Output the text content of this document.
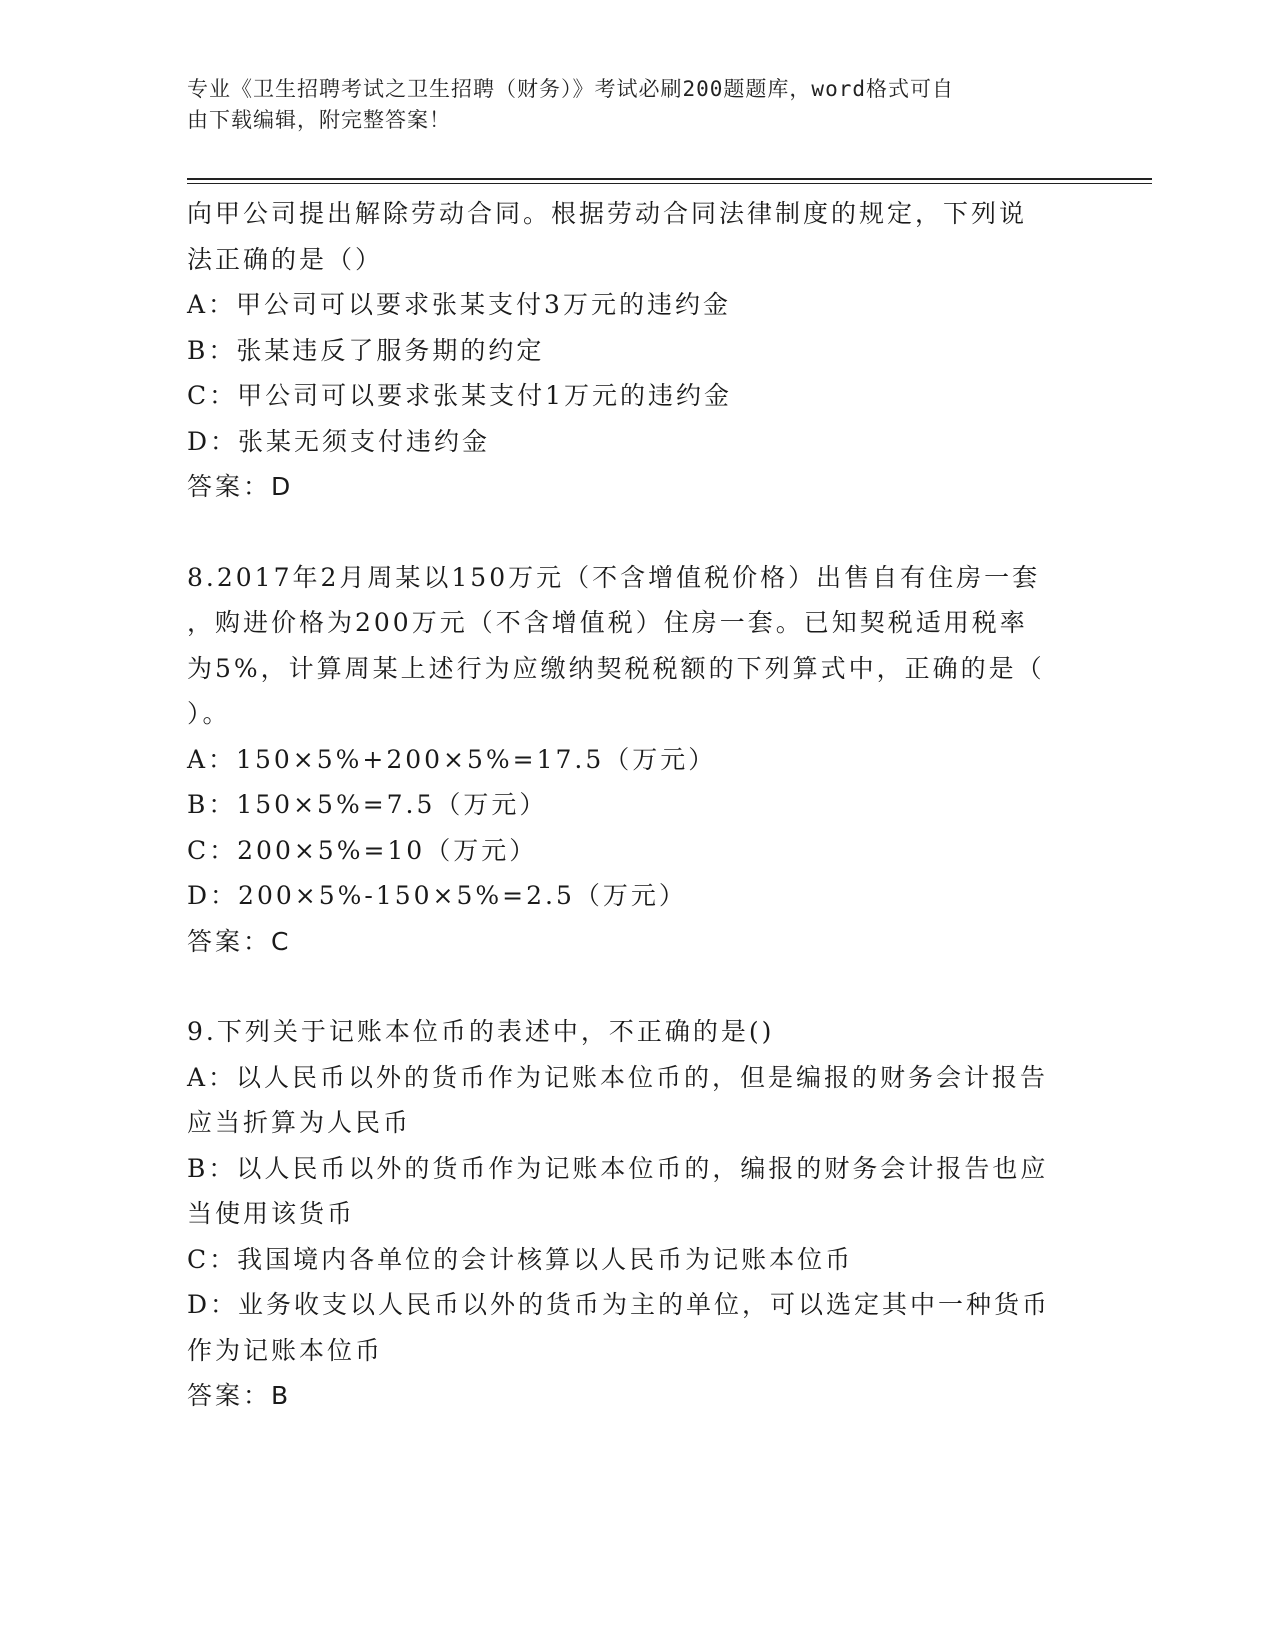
专业《卫生招聘考试之卫生招聘（财务）》考试必刷200题题库，word格式可自
由下载编辑，附完整答案！
向甲公司提出解除劳动合同。根据劳动合同法律制度的规定，下列说
法正确的是（）
A：甲公司可以要求张某支付3万元的违约金
B：张某违反了服务期的约定
C：甲公司可以要求张某支付1万元的违约金
D：张某无须支付违约金
答案：D
8.2017年2月周某以150万元（不含增值税价格）出售自有住房一套
，购进价格为200万元（不含增值税）住房一套。已知契税适用税率
为5%，计算周某上述行为应缴纳契税税额的下列算式中，正确的是（
）。
A：150×5%+200×5%=17.5（万元）
B：150×5%=7.5（万元）
C：200×5%=10（万元）
D：200×5%-150×5%=2.5（万元）
答案：C
9.下列关于记账本位币的表述中，不正确的是()
A：以人民币以外的货币作为记账本位币的，但是编报的财务会计报告
应当折算为人民币
B：以人民币以外的货币作为记账本位币的，编报的财务会计报告也应
当使用该货币
C：我国境内各单位的会计核算以人民币为记账本位币
D：业务收支以人民币以外的货币为主的单位，可以选定其中一种货币
作为记账本位币
答案：B
